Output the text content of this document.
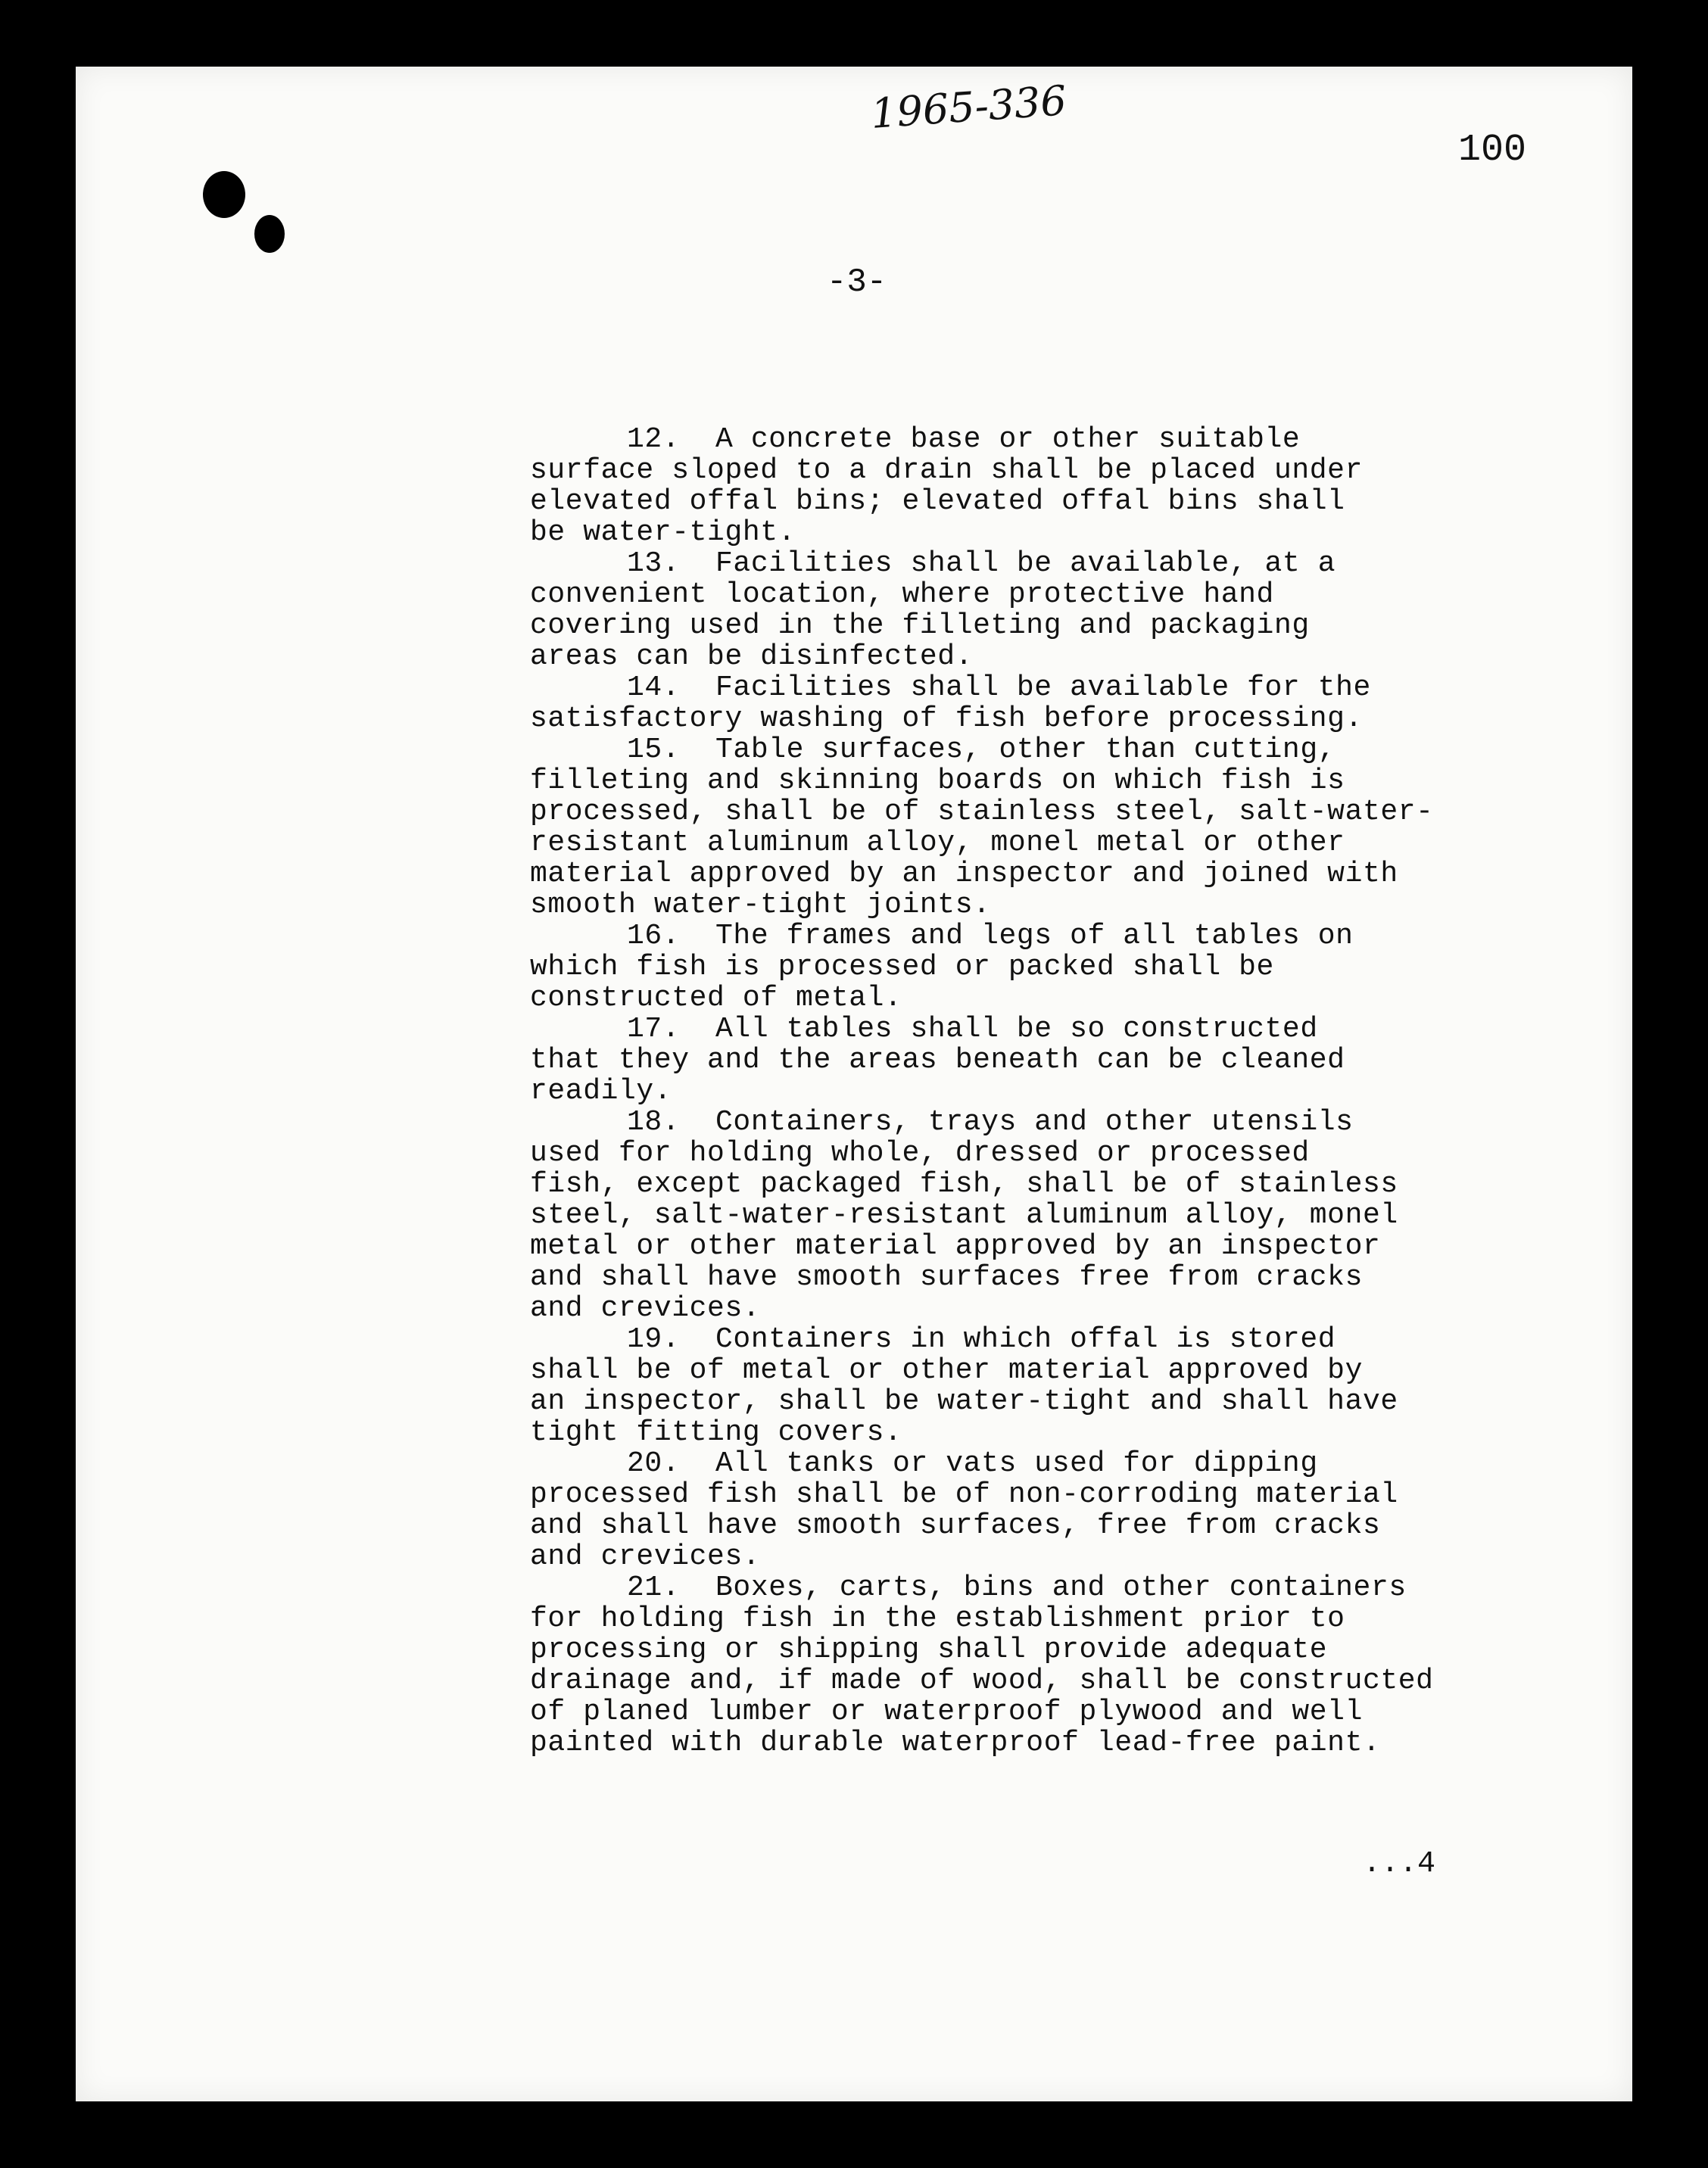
1965-336
100
-3-
12.  A concrete base or other suitable
surface sloped to a drain shall be placed under
elevated offal bins; elevated offal bins shall
be water-tight.
13.  Facilities shall be available, at a
convenient location, where protective hand
covering used in the filleting and packaging
areas can be disinfected.
14.  Facilities shall be available for the
satisfactory washing of fish before processing.
15.  Table surfaces, other than cutting,
filleting and skinning boards on which fish is
processed, shall be of stainless steel, salt-water-
resistant aluminum alloy, monel metal or other
material approved by an inspector and joined with
smooth water-tight joints.
16.  The frames and legs of all tables on
which fish is processed or packed shall be
constructed of metal.
17.  All tables shall be so constructed
that they and the areas beneath can be cleaned
readily.
18.  Containers, trays and other utensils
used for holding whole, dressed or processed
fish, except packaged fish, shall be of stainless
steel, salt-water-resistant aluminum alloy, monel
metal or other material approved by an inspector
and shall have smooth surfaces free from cracks
and crevices.
19.  Containers in which offal is stored
shall be of metal or other material approved by
an inspector, shall be water-tight and shall have
tight fitting covers.
20.  All tanks or vats used for dipping
processed fish shall be of non-corroding material
and shall have smooth surfaces, free from cracks
and crevices.
21.  Boxes, carts, bins and other containers
for holding fish in the establishment prior to
processing or shipping shall provide adequate
drainage and, if made of wood, shall be constructed
of planed lumber or waterproof plywood and well
painted with durable waterproof lead-free paint.
...4
